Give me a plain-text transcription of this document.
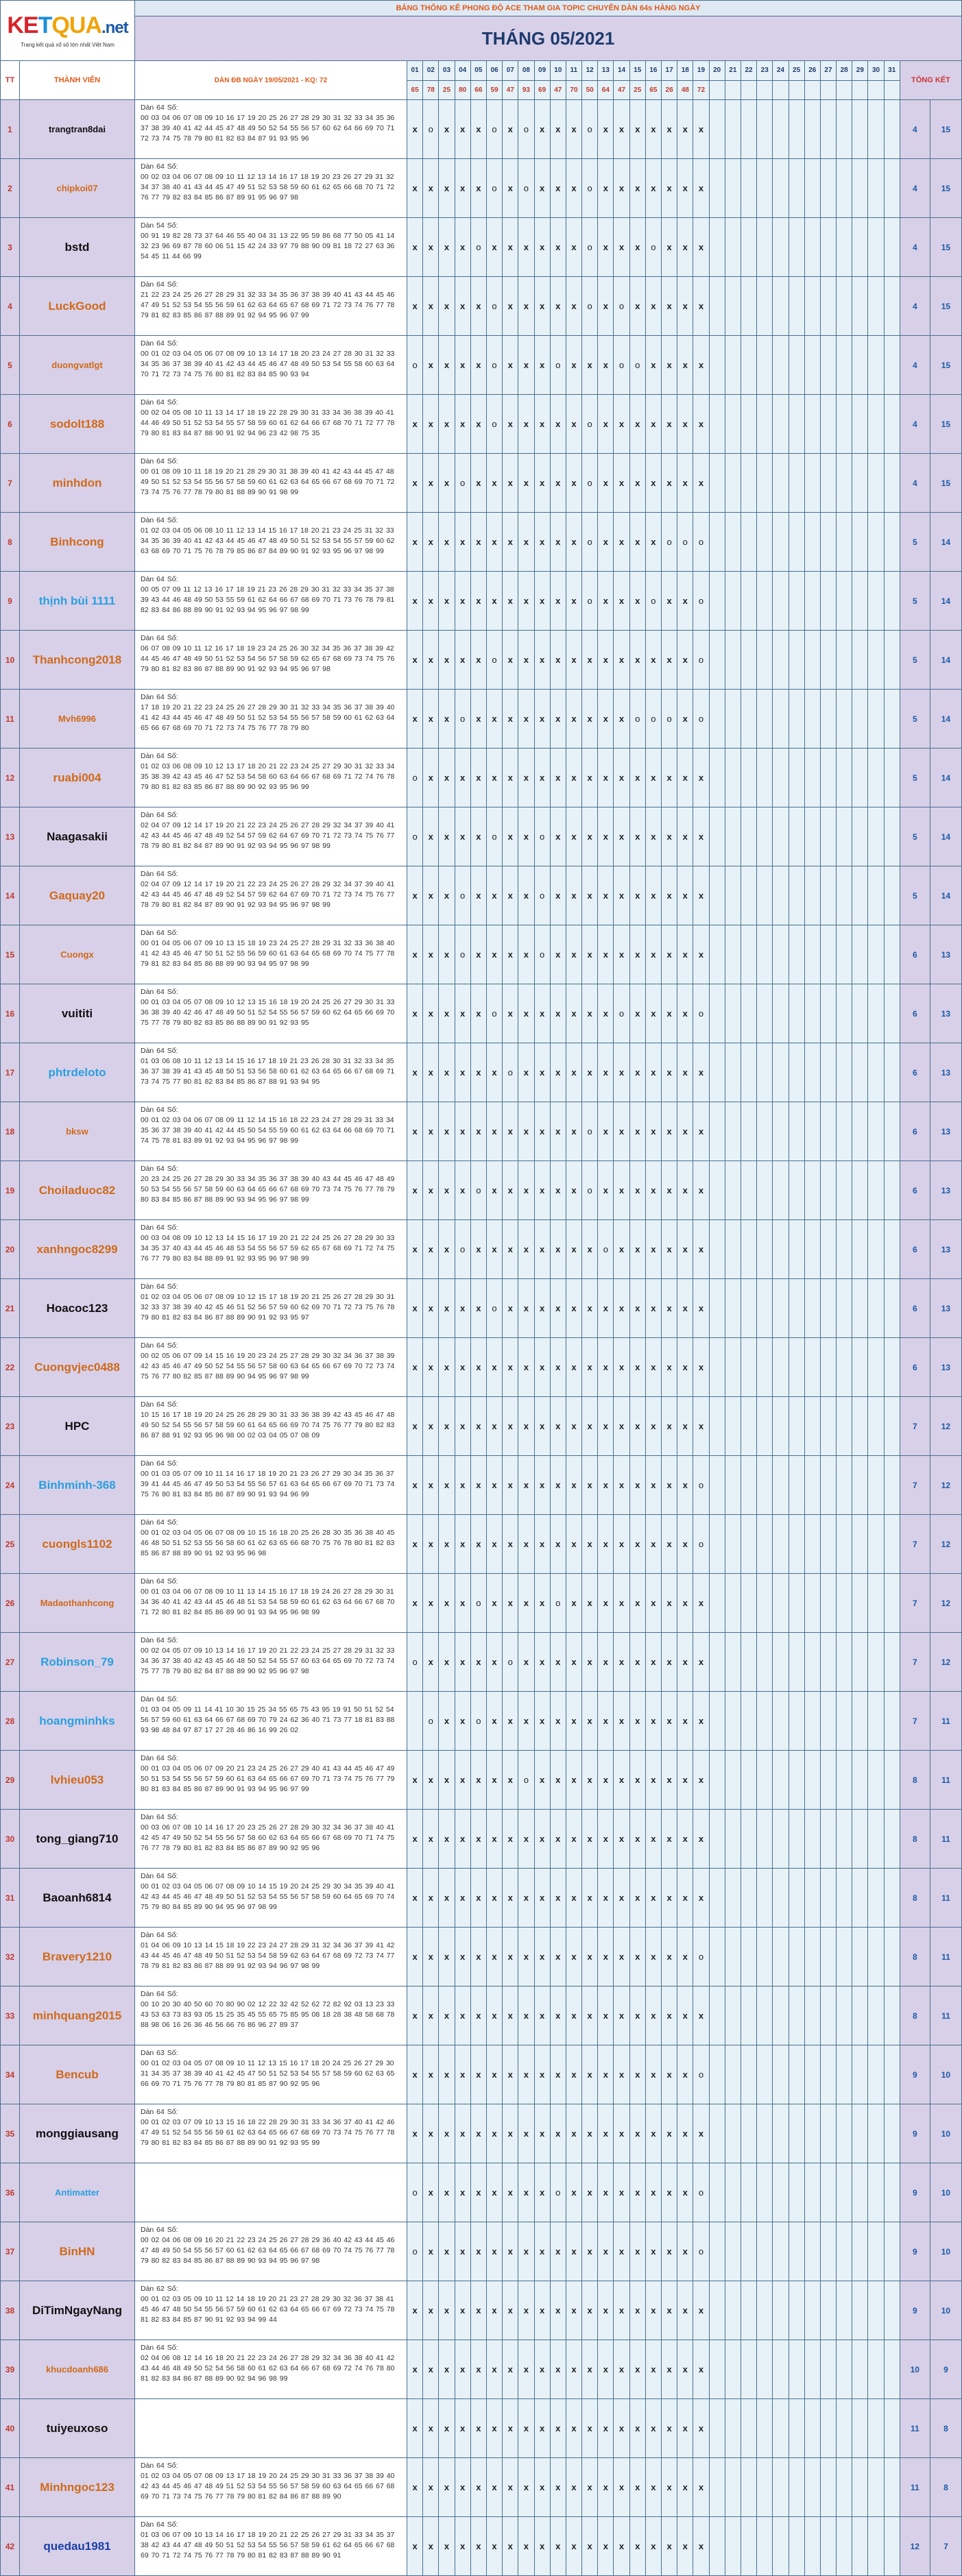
KETQUA.net
Trang kết quả xổ số lớn nhất Việt Nam		BẢNG THỐNG KÊ PHONG ĐỘ ACE THAM GIA TOPIC CHUYÊN DÀN 64s HÀNG NGÀY																																	
		THÁNG 05/2021																																	
TT	THÀNH VIÊN	DÀN ĐB NGÀY 19/05/2021 - KQ: 72	01	02	03	04	05	06	07	08	09	10	11	12	13	14	15	16	17	18	19	20	21	22	23	24	25	26	27	28	29	30	31	TỔNG KẾT	
			65	78	25	80	66	59	47	93	69	47	70	50	64	47	25	65	26	48	72														
1	trangtran8dai	Dàn 64 Số:
00 03 04 06 07 08 09 10 16 17 19 20 25 26 27 28 29 30 31 32 33 34 35 36 37 38 39 40 41 42 44 45 47 48 49 50 52 54 55 56 57 60 62 64 66 69 70 71 72 73 74 75 78 79 80 81 82 83 84 87 91 93 95 96	x	o	x	x	x	o	x	o	x	x	x	o	x	x	x	x	x	x	x													4	15
2	chipkoi07	Dàn 64 Số:
00 02 03 04 06 07 08 09 10 11 12 13 14 16 17 18 19 20 23 26 27 29 31 32 34 37 38 40 41 43 44 45 47 49 51 52 53 58 59 60 61 62 65 66 68 70 71 72 76 77 79 82 83 84 85 86 87 89 91 95 96 97 98	x	x	x	x	x	o	x	o	x	x	x	o	x	x	x	x	x	x	x													4	15
3	bstd	Dàn 54 Số:
00 91 19 82 28 73 37 64 46 55 40 04 31 13 22 95 59 86 68 77 50 05 41 14 32 23 96 69 87 78 60 06 51 15 42 24 33 97 79 88 90 09 81 18 72 27 63 36 54 45 11 44 66 99	x	x	x	x	o	x	x	x	x	x	x	o	x	x	x	o	x	x	x													4	15
4	LuckGood	Dàn 64 Số:
21 22 23 24 25 26 27 28 29 31 32 33 34 35 36 37 38 39 40 41 43 44 45 46 47 49 51 52 53 54 55 56 59 61 62 63 64 65 67 68 69 71 72 73 74 76 77 78 79 81 82 83 85 86 87 88 89 91 92 94 95 96 97 99	x	x	x	x	x	o	x	x	x	x	x	o	x	o	x	x	x	x	x													4	15
5	duongvatlgt	Dàn 64 Số:
00 01 02 03 04 05 06 07 08 09 10 13 14 17 18 20 23 24 27 28 30 31 32 33 34 35 36 37 38 39 40 41 42 43 44 45 46 47 48 49 50 53 54 55 58 60 63 64 70 71 72 73 74 75 76 80 81 82 83 84 85 90 93 94	o	x	x	x	x	o	x	x	x	o	x	x	x	o	o	x	x	x	x													4	15
6	sodolt188	Dàn 64 Số:
00 02 04 05 08 10 11 13 14 17 18 19 22 28 29 30 31 33 34 36 38 39 40 41 44 46 49 50 51 52 53 54 55 57 58 59 60 61 62 64 66 67 68 70 71 72 77 78 79 80 81 83 84 87 88 90 91 92 94 96 23 42 98 75 35	x	x	x	x	x	o	x	x	x	x	x	o	x	x	x	x	x	x	x													4	15
7	minhdon	Dàn 64 Số:
00 01 08 09 10 11 18 19 20 21 28 29 30 31 38 39 40 41 42 43 44 45 47 48 49 50 51 52 53 54 55 56 57 58 59 60 61 62 63 64 65 66 67 68 69 70 71 72 73 74 75 76 77 78 79 80 81 88 89 90 91 98 99	x	x	x	o	x	x	x	x	x	x	x	o	x	x	x	x	x	x	x													4	15
8	Binhcong	Dàn 64 Số:
01 02 03 04 05 06 08 10 11 12 13 14 15 16 17 18 20 21 23 24 25 31 32 33 34 35 36 39 40 41 42 43 44 45 46 47 48 49 50 51 52 53 54 55 57 59 60 62 63 68 69 70 71 75 76 78 79 85 86 87 84 89 90 91 92 93 95 96 97 98 99	x	x	x	x	x	x	x	x	x	x	x	o	x	x	x	x	o	o	o													5	14
9	thịnh bùi 1111	Dàn 64 Số:
00 05 07 09 11 12 13 16 17 18 19 21 23 26 28 29 30 31 32 33 34 35 37 38 39 43 44 46 48 49 50 53 55 59 61 62 64 66 67 68 69 70 71 73 76 78 79 81 82 83 84 86 88 89 90 91 92 93 94 95 96 97 98 99	x	x	x	x	x	x	x	x	x	x	x	o	x	x	x	o	x	x	o													5	14
10	Thanhcong2018	Dàn 64 Số:
06 07 08 09 10 11 12 16 17 18 19 23 24 25 26 30 32 34 35 36 37 38 39 42 44 45 46 47 48 49 50 51 52 53 54 56 57 58 59 62 65 67 68 69 73 74 75 76 79 80 81 82 83 86 87 88 89 90 91 92 93 94 95 96 97 98	x	x	x	x	x	o	x	x	x	x	x	x	x	x	x	x	x	x	o													5	14
11	Mvh6996	Dàn 64 Số:
17 18 19 20 21 22 23 24 25 26 27 28 29 30 31 32 33 34 35 36 37 38 39 40 41 42 43 44 45 46 47 48 49 50 51 52 53 54 55 56 57 58 59 60 61 62 63 64 65 66 67 68 69 70 71 72 73 74 75 76 77 78 79 80	x	x	x	o	x	x	x	x	x	x	x	x	x	x	o	o	o	x	o													5	14
12	ruabi004	Dàn 64 Số:
01 02 03 06 08 09 10 12 13 17 18 20 21 22 23 24 25 27 29 30 31 32 33 34 35 38 39 42 43 45 46 47 52 53 54 58 60 63 64 66 67 68 69 71 72 74 76 78 79 80 81 82 83 85 86 87 88 89 90 92 93 95 96 99	o	x	x	x	x	x	x	x	x	x	x	x	x	x	x	x	x	x	x													5	14
13	Naagasakii	Dàn 64 Số:
02 04 07 09 12 14 17 19 20 21 22 23 24 25 26 27 28 29 32 34 37 39 40 41 42 43 44 45 46 47 48 49 52 54 57 59 62 64 67 69 70 71 72 73 74 75 76 77 78 79 80 81 82 84 87 89 90 91 92 93 94 95 96 97 98 99	o	x	x	x	x	o	x	x	o	x	x	x	x	x	x	x	x	x	x													5	14
14	Gaquay20	Dàn 64 Số:
02 04 07 09 12 14 17 19 20 21 22 23 24 25 26 27 28 29 32 34 37 39 40 41 42 43 44 45 46 47 48 49 52 54 57 59 62 64 67 69 70 71 72 73 74 75 76 77 78 79 80 81 82 84 87 89 90 91 92 93 94 95 96 97 98 99	x	x	x	o	x	x	x	x	o	x	x	x	x	x	x	x	x	x	x													5	14
15	Cuongx	Dàn 64 Số:
00 01 04 05 06 07 09 10 13 15 18 19 23 24 25 27 28 29 31 32 33 36 38 40 41 42 43 45 46 47 50 51 52 55 56 59 60 61 63 64 65 68 69 70 74 75 77 78 79 81 82 83 84 85 86 88 89 90 93 94 95 97 98 99	x	x	x	o	x	x	x	x	o	x	x	x	x	x	x	x	x	x	x													6	13
16	vuititi	Dàn 64 Số:
00 01 03 04 05 07 08 09 10 12 13 15 16 18 19 20 24 25 26 27 29 30 31 33 36 38 39 40 42 46 47 48 49 50 51 52 54 55 56 57 59 60 62 64 65 66 69 70 75 77 78 79 80 82 83 85 86 88 89 90 91 92 93 95	x	x	x	x	x	o	x	x	x	x	x	x	x	o	x	x	x	x	o													6	13
17	phtrdeloto	Dàn 64 Số:
01 03 06 08 10 11 12 13 14 15 16 17 18 19 21 23 26 28 30 31 32 33 34 35 36 37 38 39 41 43 45 48 50 51 53 56 58 60 61 62 63 64 65 66 67 68 69 71 73 74 75 77 80 81 82 83 84 85 86 87 88 91 93 94 95	x	x	x	x	x	x	o	x	x	x	x	x	x	x	x	x	x	x	x													6	13
18	bksw	Dàn 64 Số:
00 01 02 03 04 06 07 08 09 11 12 14 15 16 18 22 23 24 27 28 29 31 33 34 35 36 37 38 39 40 41 42 44 45 50 54 55 59 60 61 62 63 64 66 68 69 70 71 74 75 78 81 83 89 91 92 93 94 95 96 97 98 99	x	x	x	x	x	x	x	x	x	x	x	o	x	x	x	x	x	x	x													6	13
19	Choiladuoc82	Dàn 64 Số:
20 23 24 25 26 27 28 29 30 33 34 35 36 37 38 39 40 43 44 45 46 47 48 49 50 53 54 55 56 57 58 59 60 63 64 65 66 67 68 69 70 73 74 75 76 77 78 79 80 83 84 85 86 87 88 89 90 93 94 95 96 97 98 99	x	x	x	x	o	x	x	x	x	x	x	o	x	x	x	x	x	x	x													6	13
20	xanhngoc8299	Dàn 64 Số:
00 03 04 08 09 10 12 13 14 15 16 17 19 20 21 22 24 25 26 27 28 29 30 33 34 35 37 40 43 44 45 46 48 53 54 55 56 57 59 62 65 67 68 69 71 72 74 75 76 77 79 80 83 84 88 89 91 92 93 95 96 97 98 99	x	x	x	o	x	x	x	x	x	x	x	x	o	x	x	x	x	x	x													6	13
21	Hoacoc123	Dàn 64 Số:
01 02 03 04 05 06 07 08 09 10 12 15 17 18 19 20 21 25 26 27 28 29 30 31 32 33 37 38 39 40 42 45 46 51 52 56 57 59 60 62 69 70 71 72 73 75 76 78 79 80 81 82 83 84 86 87 88 89 90 91 92 93 95 97	x	x	x	x	x	o	x	x	x	x	x	x	x	x	x	x	x	x	x													6	13
22	Cuongvjec0488	Dàn 64 Số:
00 02 05 06 07 09 14 15 16 19 20 23 24 25 27 28 29 30 32 34 36 37 38 39 42 43 45 46 47 49 50 52 54 55 56 57 58 60 63 64 65 66 67 69 70 72 73 74 75 76 77 80 82 85 87 88 89 90 94 95 96 97 98 99	x	x	x	x	x	x	x	x	x	x	x	x	x	x	x	x	x	x	x													6	13
23	HPC	Dàn 64 Số:
10 15 16 17 18 19 20 24 25 26 28 29 30 31 33 36 38 39 42 43 45 46 47 48 49 50 52 54 55 56 57 58 59 60 61 64 65 66 69 70 74 75 76 77 79 80 82 83 86 87 88 91 92 93 95 96 98 00 02 03 04 05 07 08 09	x	x	x	x	x	x	x	x	x	x	x	x	x	x	x	x	x	x	x													7	12
24	Binhminh-368	Dàn 64 Số:
00 01 03 05 07 09 10 11 14 16 17 18 19 20 21 23 26 27 29 30 34 35 36 37 39 41 44 45 46 47 49 50 53 54 55 56 57 61 63 64 65 66 67 69 70 71 73 74 75 76 80 81 83 84 85 86 87 89 90 91 93 94 96 99	x	x	x	x	x	x	x	x	x	x	x	x	x	x	x	x	x	x	o													7	12
25	cuongls1102	Dàn 64 Số:
00 01 02 03 04 05 06 07 08 09 10 15 16 18 20 25 26 28 30 35 36 38 40 45 46 48 50 51 52 53 55 56 58 60 61 62 63 65 66 68 70 75 76 78 80 81 82 83 85 86 87 88 89 90 91 92 93 95 96 98	x	x	x	x	x	x	x	x	x	x	x	x	x	x	x	x	x	x	o													7	12
26	Madaothanhcong	Dàn 64 Số:
00 01 03 04 06 07 08 09 10 11 13 14 15 16 17 18 19 24 26 27 28 29 30 31 34 36 40 41 42 43 44 45 46 48 51 53 54 58 59 60 61 62 63 64 66 67 68 70 71 72 80 81 82 84 85 86 89 90 91 93 94 95 96 98 99	x	x	x	x	o	x	x	x	x	o	x	x	x	x	x	x	x	x	x													7	12
27	Robinson_79	Dàn 64 Số:
00 02 04 05 07 09 10 13 14 16 17 19 20 21 22 23 24 25 27 28 29 31 32 33 34 36 37 38 40 42 43 45 46 48 50 52 54 55 57 60 63 64 65 69 70 72 73 74 75 77 78 79 80 82 84 87 88 89 90 92 95 96 97 98	o	x	x	x	x	x	o	x	x	x	x	x	x	x	x	x	x	x	x													7	12
28	hoangminhks	Dàn 64 Số:
01 03 04 05 09 11 14 41 10 30 15 25 34 55 65 75 43 95 19 91 50 51 52 54 56 57 59 60 61 63 64 66 67 68 69 70 79 24 62 36 40 71 73 77 18 81 83 88 93 98 48 84 97 87 17 27 28 46 86 16 99 26 02		o	x	x	o	x	x	x	x	x	x	x	x	x	x	x	x	x	x													7	11
29	lvhieu053	Dàn 64 Số:
00 01 03 04 05 06 07 09 20 21 23 24 25 26 27 29 40 41 43 44 45 46 47 49 50 51 53 54 55 56 57 59 60 61 63 64 65 66 67 69 70 71 73 74 75 76 77 79 80 81 83 84 85 86 87 89 90 91 93 94 95 96 97 99	x	x	x	x	x	x	x	o	x	x	x	x	x	x	x	x	x	x	x													8	11
30	tong_giang710	Dàn 64 Số:
00 03 06 07 08 10 14 16 17 20 23 25 26 27 28 29 30 32 34 36 37 38 40 41 42 45 47 49 50 52 54 55 56 57 58 60 62 63 64 65 66 67 68 69 70 71 74 75 76 77 78 79 80 81 82 83 84 85 86 87 89 90 92 95 96	x	x	x	x	x	x	x	x	x	x	x	x	x	x	x	x	x	x	x													8	11
31	Baoanh6814	Dàn 64 Số:
00 01 02 03 04 05 06 07 08 09 10 14 15 19 20 24 25 29 30 34 35 39 40 41 42 43 44 45 46 47 48 49 50 51 52 53 54 55 56 57 58 59 60 64 65 69 70 74 75 79 80 84 85 89 90 94 95 96 97 98 99	x	x	x	x	x	x	x	x	x	x	x	x	x	x	x	x	x	x	x													8	11
32	Bravery1210	Dàn 64 Số:
01 04 06 09 10 13 14 15 18 19 22 23 24 27 28 29 31 32 34 36 37 39 41 42 43 44 45 46 47 48 49 50 51 52 53 54 58 59 62 63 64 67 68 69 72 73 74 77 78 79 81 82 83 86 87 88 89 91 92 93 94 96 97 98 99	x	x	x	x	x	x	x	x	x	x	x	x	x	x	x	x	x	x	o													8	11
33	minhquang2015	Dàn 64 Số:
00 10 20 30 40 50 60 70 80 90 02 12 22 32 42 52 62 72 82 92 03 13 23 33 43 53 63 73 83 93 05 15 25 35 45 55 65 75 85 95 08 18 28 38 48 58 68 78 88 98 06 16 26 36 46 56 66 76 86 96 27 89 37	x	x	x	x	x	x	x	x	x	x	x	x	x	x	x	x	x	x	x													8	11
34	Bencub	Dàn 63 Số:
00 01 02 03 04 05 07 08 09 10 11 12 13 15 16 17 18 20 24 25 26 27 29 30 31 34 35 37 38 39 40 41 42 45 47 50 51 52 53 54 55 57 58 59 60 62 63 65 66 69 70 71 75 76 77 78 79 80 81 85 87 90 92 95 96	x	x	x	x	x	x	x	x	x	x	x	x	x	x	x	x	x	x	o													9	10
35	monggiausang	Dàn 64 Số:
00 01 02 03 07 09 10 13 15 16 18 22 28 29 30 31 33 34 36 37 40 41 42 46 47 49 51 52 54 55 56 59 61 62 63 64 65 66 67 68 69 70 73 74 75 76 77 78 79 80 81 82 83 84 85 86 87 88 89 90 91 92 93 95 99	x	x	x	x	x	x	x	x	x	x	x	x	x	x	x	x	x	x	x													9	10
36	Antimatter		o	x	x	x	x	x	x	x	x	o	x	x	x	x	x	x	x	x	o													9	10
37	BinHN	Dàn 64 Số:
00 02 04 06 08 09 16 20 21 22 23 24 25 26 27 28 29 36 40 42 43 44 45 46 47 48 49 50 54 55 56 57 60 61 62 63 64 65 66 67 68 69 70 74 75 76 77 78 79 80 82 83 84 85 86 87 88 89 90 93 94 95 96 97 98	o	x	x	x	x	x	x	x	x	x	x	x	x	x	x	x	x	x	o													9	10
38	DiTimNgayNang	Dàn 62 Số:
00 01 02 03 05 09 10 11 12 14 18 19 20 21 23 27 28 29 30 32 36 37 38 41 45 46 47 48 50 54 55 56 57 59 60 61 62 63 64 65 66 67 69 72 73 74 75 78 81 82 83 84 85 87 90 91 92 93 94 99 44	x	x	x	x	x	x	x	x	x	x	x	x	x	x	x	x	x	x	x													9	10
39	khucdoanh686	Dàn 64 Số:
02 04 06 08 12 14 16 18 20 21 22 23 24 26 27 28 29 32 34 36 38 40 41 42 43 44 46 48 49 50 52 54 56 58 60 61 62 63 64 66 67 68 69 72 74 76 78 80 81 82 83 84 86 87 88 89 90 92 94 96 98 99	x	x	x	x	x	x	x	x	x	x	x	x	x	x	x	x	x	x	x													10	9
40	tuiyeuxoso		x	x	x	x	x	x	x	x	x	x	x	x	x	x	x	x	x	x	x													11	8
41	Minhngoc123	Dàn 64 Số:
01 02 03 04 05 07 08 09 13 17 18 19 20 24 25 29 30 31 33 36 37 38 39 40 42 43 44 45 46 47 48 49 51 52 53 54 55 56 57 58 59 60 63 64 65 66 67 68 69 70 71 73 74 75 76 77 78 79 80 81 82 84 86 87 88 89 90	x	x	x	x	x	x	x	x	x	x	x	x	x	x	x	x	x	x	x													11	8
42	quedau1981	Dàn 64 Số:
01 03 06 07 09 10 13 14 16 17 18 19 20 21 22 25 26 27 29 31 33 34 35 37 38 42 43 44 47 48 49 50 51 52 53 54 55 56 57 58 59 61 62 64 65 66 67 68 69 70 71 72 74 75 76 77 78 79 80 81 82 83 87 88 89 90 91	x	x	x	x	x	x	x	x	x	x	x	x	x	x	x	x	x	x	x													12	7
